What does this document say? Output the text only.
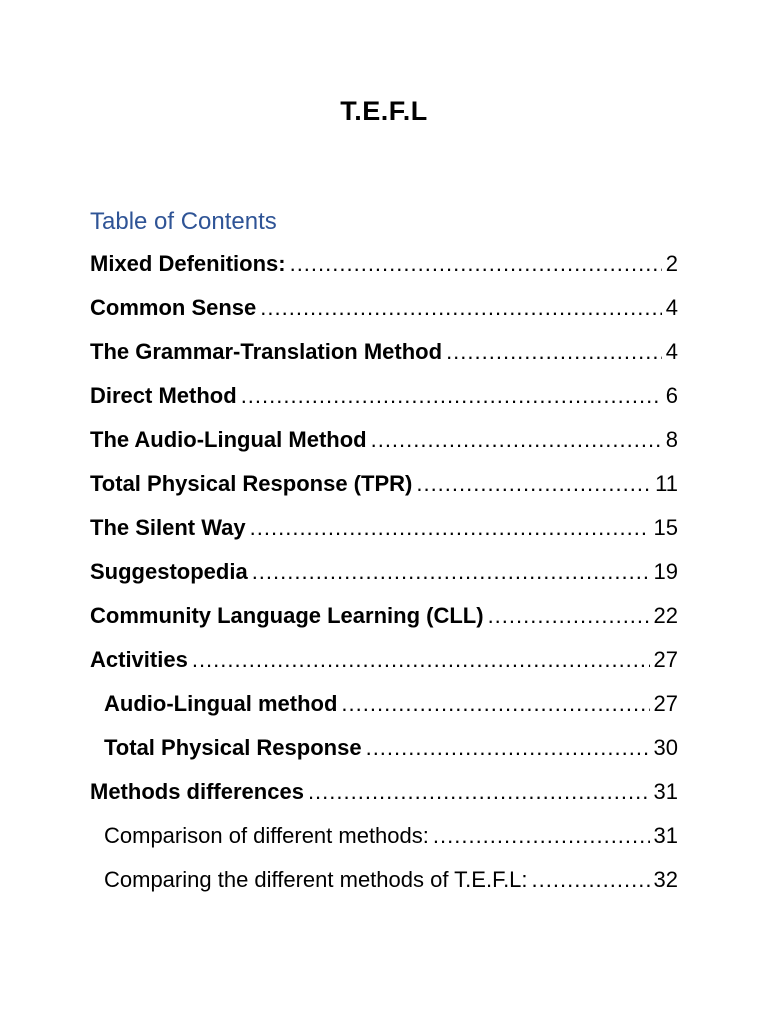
T.E.F.L
Table of Contents
Mixed Defenitions: .....	2
Common Sense .....	4
The Grammar-Translation Method .....	4
Direct Method .....	6
The Audio-Lingual Method .....	8
Total Physical Response (TPR) .....	11
The Silent Way .....	15
Suggestopedia .....	19
Community Language Learning (CLL) .....	22
Activities .....	27
Audio-Lingual method .....	27
Total Physical Response .....	30
Methods differences .....	31
Comparison of different methods: .....	31
Comparing the different methods of T.E.F.L: .....	32
